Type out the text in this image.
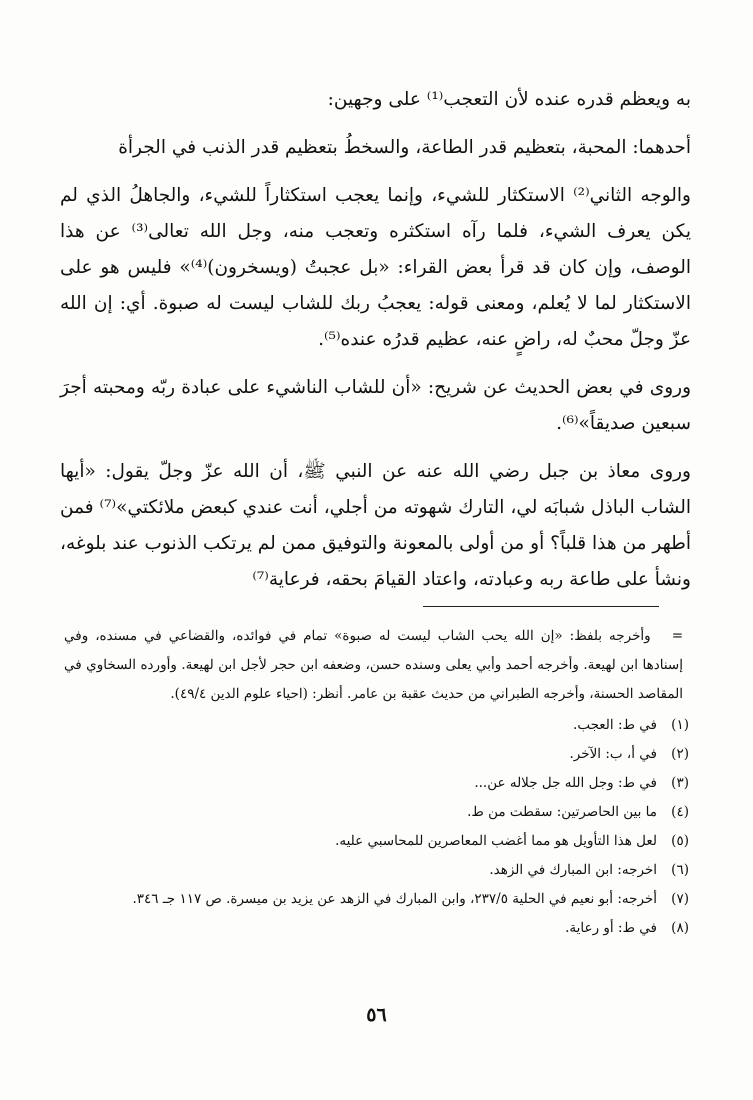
به ويعظم قدره عنده لأن التعجب⁽¹⁾ على وجهين:

أحدهما: المحبة، بتعظيم قدر الطاعة، والسخطُ بتعظيم قدر الذنب في الجرأة

والوجه الثاني⁽²⁾ الاستكثار للشيء، وإنما يعجب استكثاراً للشيء، والجاهلُ الذي لم يكن يعرف الشيء، فلما رآه استكثره وتعجب منه، وجل الله تعالى⁽³⁾ عن هذا الوصف، وإن كان قد قرأ بعض القراء: «بل عجبتُ (ويسخرون)⁽⁴⁾» فليس هو على الاستكثار لما لا يُعلم، ومعنى قوله: يعجبُ ربك للشاب ليست له صبوة. أي: إن الله عزّ وجلّ محبٌ له، راضٍ عنه، عظيم قدرُه عنده⁽⁵⁾.

وروى في بعض الحديث عن شريح: «أن للشاب الناشيء على عبادة ربّه ومحبته أجرَ سبعين صديقاً»⁽⁶⁾.

وروى معاذ بن جبل رضي الله عنه عن النبي ﷺ، أن الله عزّ وجلّ يقول: «أيها الشاب الباذل شبابَه لي، التارك شهوته من أجلي، أنت عندي كبعض ملائكتي»⁽⁷⁾ فمن أطهر من هذا قلباً؟ أو من أولى بالمعونة والتوفيق ممن لم يرتكب الذنوب عند بلوغه، ونشأ على طاعة ربه وعبادته، واعتاد القيامَ بحقه، فرعاية⁽⁷⁾

= وأخرجه بلفظ: «إن الله يحب الشاب ليست له صبوة» تمام في فوائده، والقضاعي في مسنده، وفي إسنادها ابن لهيعة. وأخرجه أحمد وأبي يعلى وسنده حسن، وضعفه ابن حجر لأجل ابن لهيعة. وأورده السخاوي في المقاصد الحسنة، وأخرجه الطبراني من حديث عقبة بن عامر. أنظر: (احياء علوم الدين ٤٩/٤).

(١)في ط: العجب.

(٢)في أ، ب: الآخر.

(٣)في ط: وجل الله جل جلاله عن...

(٤)ما بين الحاصرتين: سقطت من ط.

(٥)لعل هذا التأويل هو مما أغضب المعاصرين للمحاسبي عليه.

(٦)اخرجه: ابن المبارك في الزهد.

(٧)أخرجه: أبو نعيم في الحلية ٢٣٧/٥، وابن المبارك في الزهد عن يزيد بن ميسرة. ص ١١٧ جـ ٣٤٦.

(٨)في ط: أو رعاية.

٥٦
